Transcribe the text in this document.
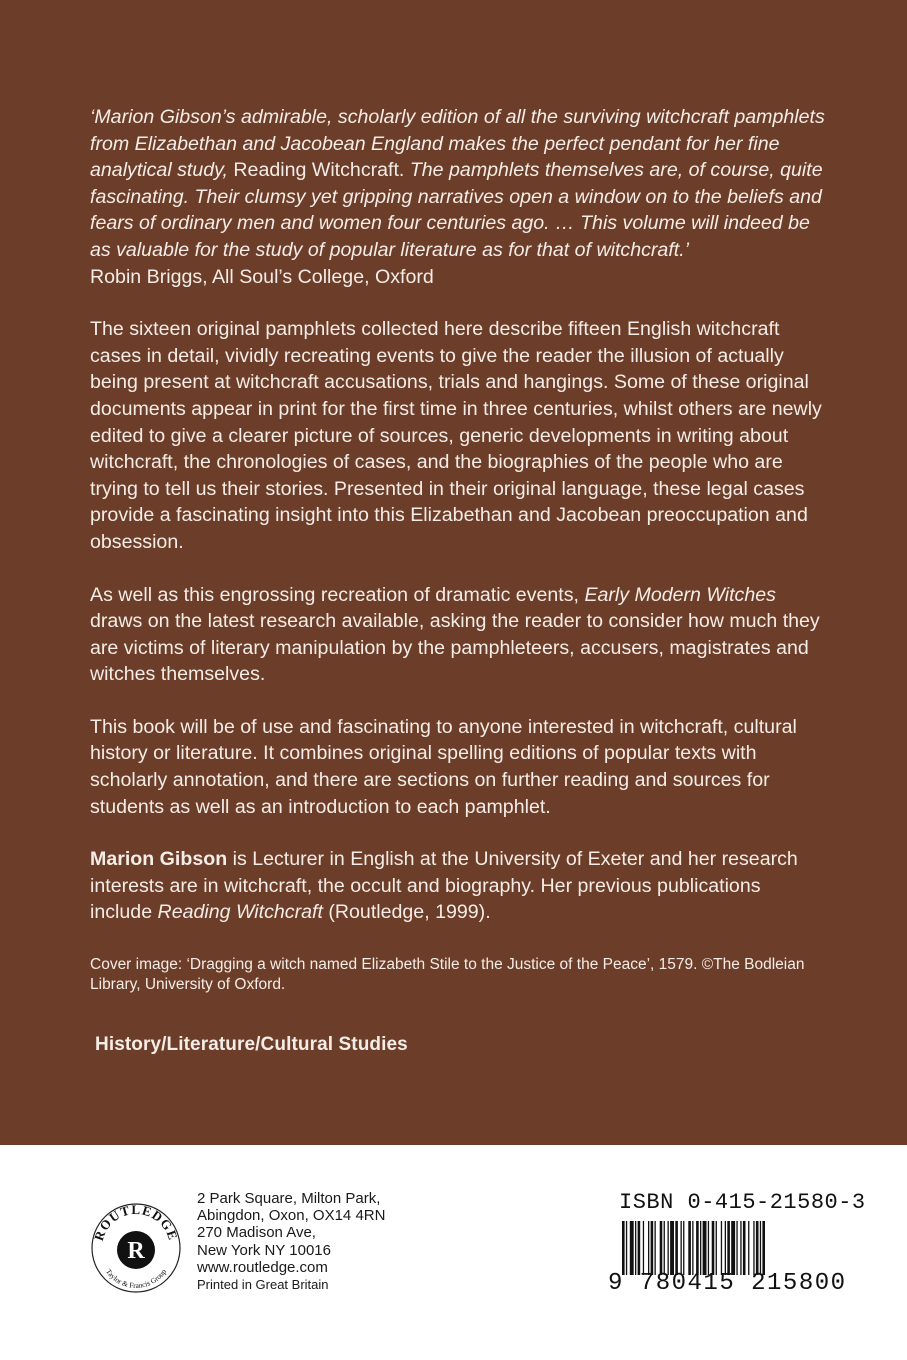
‘Marion Gibson’s admirable, scholarly edition of all the surviving witchcraft pamphlets from Elizabethan and Jacobean England makes the perfect pendant for her fine analytical study, Reading Witchcraft. The pamphlets themselves are, of course, quite fascinating. Their clumsy yet gripping narratives open a window on to the beliefs and fears of ordinary men and women four centuries ago. … This volume will indeed be as valuable for the study of popular literature as for that of witchcraft.’
Robin Briggs, All Soul’s College, Oxford

The sixteen original pamphlets collected here describe fifteen English witchcraft cases in detail, vividly recreating events to give the reader the illusion of actually being present at witchcraft accusations, trials and hangings. Some of these original documents appear in print for the first time in three centuries, whilst others are newly edited to give a clearer picture of sources, generic developments in writing about witchcraft, the chronologies of cases, and the biographies of the people who are trying to tell us their stories. Presented in their original language, these legal cases provide a fascinating insight into this Elizabethan and Jacobean preoccupation and obsession.

As well as this engrossing recreation of dramatic events, Early Modern Witches draws on the latest research available, asking the reader to consider how much they are victims of literary manipulation by the pamphleteers, accusers, magistrates and witches themselves.

This book will be of use and fascinating to anyone interested in witchcraft, cultural history or literature. It combines original spelling editions of popular texts with scholarly annotation, and there are sections on further reading and sources for students as well as an introduction to each pamphlet.

Marion Gibson is Lecturer in English at the University of Exeter and her research interests are in witchcraft, the occult and biography. Her previous publications include Reading Witchcraft (Routledge, 1999).

Cover image: ‘Dragging a witch named Elizabeth Stile to the Justice of the Peace’, 1579. ©The Bodleian Library, University of Oxford.
History/Literature/Cultural Studies
ROUTLEDGE
Taylor & Francis Group
R
2 Park Square, Milton Park,
Abingdon, Oxon, OX14 4RN
270 Madison Ave,
New York NY 10016
www.routledge.com
Printed in Great Britain
ISBN 0-415-21580-3
9 780415 215800
